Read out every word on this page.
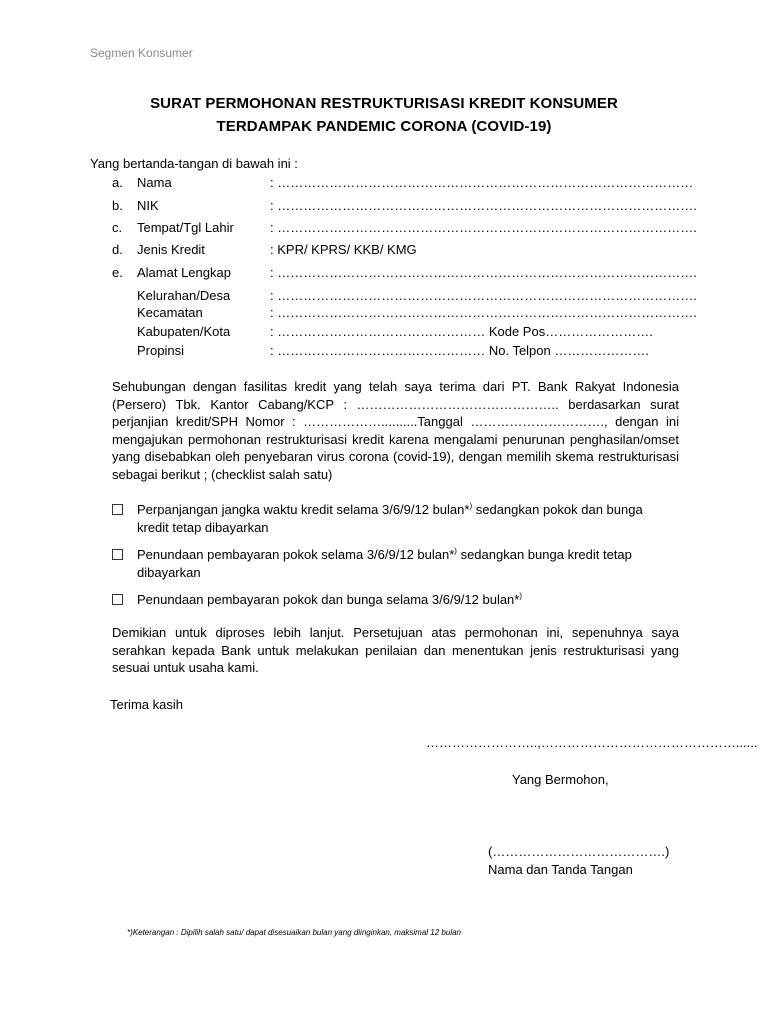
Segmen Konsumer
SURAT PERMOHONAN RESTRUKTURISASI KREDIT KONSUMER
TERDAMPAK PANDEMIC CORONA (COVID-19)
Yang bertanda-tangan di bawah ini :
a. Nama	: ……………………………………………………………………………………
b. NIK	: …………………………………………………………………………………….
c. Tempat/Tgl Lahir	: …………………………………………………………………………………….
d. Jenis Kredit	: KPR/ KPRS/ KKB/ KMG
e. Alamat Lengkap	: …………………………………………………………………………………….
Kelurahan/Desa	: …………………………………………………………………………………….
Kecamatan	: …………………………………………………………………………………….
Kabupaten/Kota	: ………………………………………… Kode Pos…………………….
Propinsi	: ………………………………………… No. Telpon ………………….
Sehubungan dengan fasilitas kredit yang telah saya terima dari PT. Bank Rakyat Indonesia (Persero) Tbk. Kantor Cabang/KCP : ……………………………………….. berdasarkan surat perjanjian kredit/SPH Nomor : ………………..........Tanggal …………………………., dengan ini mengajukan permohonan restrukturisasi kredit karena mengalami penurunan penghasilan/omset yang disebabkan oleh penyebaran virus corona (covid-19), dengan memilih skema restrukturisasi sebagai berikut ; (checklist salah satu)
Perpanjangan jangka waktu kredit selama 3/6/9/12 bulan*) sedangkan pokok dan bunga kredit tetap dibayarkan
Penundaan pembayaran pokok selama 3/6/9/12 bulan*) sedangkan bunga kredit tetap dibayarkan
Penundaan pembayaran pokok dan bunga selama 3/6/9/12 bulan*)
Demikian untuk diproses lebih lanjut. Persetujuan atas permohonan ini, sepenuhnya saya serahkan kepada Bank untuk melakukan penilaian dan menentukan jenis restrukturisasi yang sesuai untuk usaha kami.
Terima kasih
……………………..,………………………………………......
Yang Bermohon,
(………………………………….)
Nama dan Tanda Tangan
*)Keterangan : Dipilih salah satu/ dapat disesuaikan bulan yang diinginkan, maksimal 12 bulan
